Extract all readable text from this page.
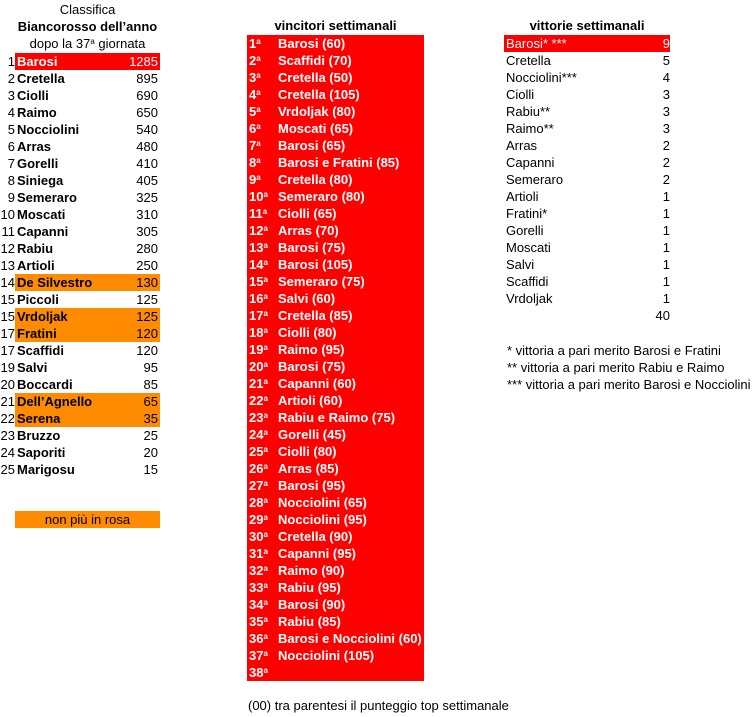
Classifica
Biancorosso dell’anno
dopo la 37$^a$ giornata
1 Barosi	1285
2 Cretella	895
3 Ciolli	690
4 Raimo	650
5 Nocciolini	540
6 Arras	480
7 Gorelli	410
8 Siniega	405
9 Semeraro	325
10 Moscati	310
11 Capanni	305
12 Rabiu	280
13 Artioli	250
14 De Silvestro	130
15 Piccoli	125
15 Vrdoljak	125
17 Fratini	120
17 Scaffidi	120
19 Salvi	95
20 Boccardi	85
21 Dell’Agnello	65
22 Serena	35
23 Bruzzo	25
24 Saporiti	20
25 Marigosu	15
non più in rosa
vincitori settimanali
1$^a$ Barosi (60)
2$^a$ Scaffidi (70)
3$^a$ Cretella (50)
4$^a$ Cretella (105)
5$^a$ Vrdoljak (80)
6$^a$ Moscati (65)
7$^a$ Barosi (65)
8$^a$ Barosi e Fratini (85)
9$^a$ Cretella (80)
10$^a$ Semeraro (80)
11$^a$ Ciolli (65)
12$^a$ Arras (70)
13$^a$ Barosi (75)
14$^a$ Barosi (105)
15$^a$ Semeraro (75)
16$^a$ Salvi (60)
17$^a$ Cretella (85)
18$^a$ Ciolli (80)
19$^a$ Raimo (95)
20$^a$ Barosi (75)
21$^a$ Capanni (60)
22$^a$ Artioli (60)
23$^a$ Rabiu e Raimo (75)
24$^a$ Gorelli (45)
25$^a$ Ciolli (80)
26$^a$ Arras (85)
27$^a$ Barosi (95)
28$^a$ Nocciolini (65)
29$^a$ Nocciolini (95)
30$^a$ Cretella (90)
31$^a$ Capanni (95)
32$^a$ Raimo (90)
33$^a$ Rabiu (95)
34$^a$ Barosi (90)
35$^a$ Rabiu (85)
36$^a$ Barosi e Nocciolini (60)
37$^a$ Nocciolini (105)
38$^a$
(00) tra parentesi il punteggio top settimanale
vittorie settimanali
Barosi* ***	9
Cretella	5
Nocciolini***	4
Ciolli	3
Rabiu**	3
Raimo**	3
Arras	2
Capanni	2
Semeraro	2
Artioli	1
Fratini*	1
Gorelli	1
Moscati	1
Salvi	1
Scaffidi	1
Vrdoljak	1
40
* vittoria a pari merito Barosi e Fratini
** vittoria a pari merito Rabiu e Raimo
*** vittoria a pari merito Barosi e Nocciolini
